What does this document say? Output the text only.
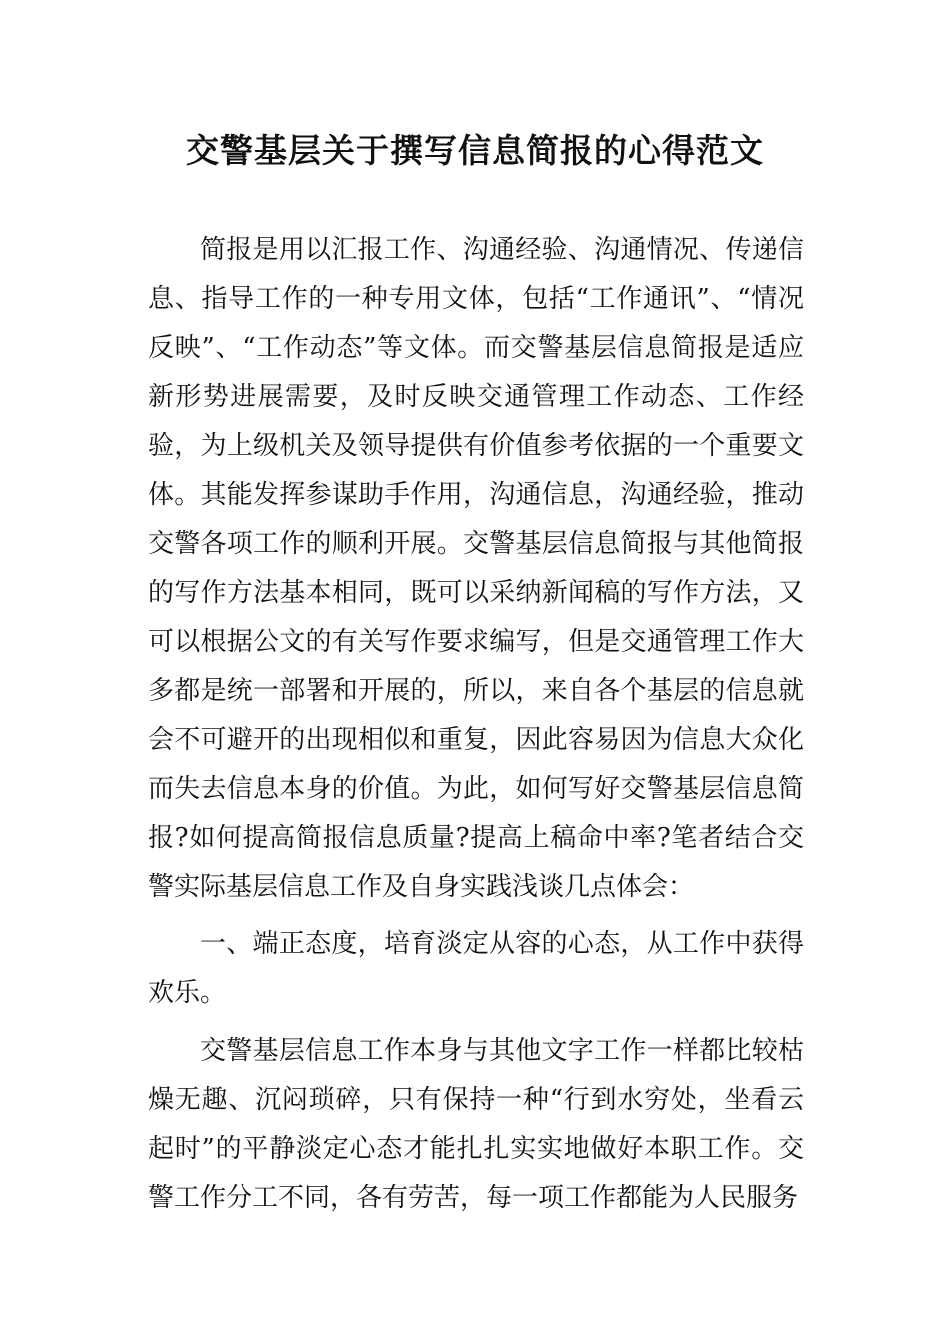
交警基层关于撰写信息简报的心得范文

简报是用以汇报工作、沟通经验、沟通情况、传递信息、指导工作的一种专用文体，包括“工作通讯”、“情况反映”、“工作动态”等文体。而交警基层信息简报是适应新形势进展需要，及时反映交通管理工作动态、工作经验，为上级机关及领导提供有价值参考依据的一个重要文体。其能发挥参谋助手作用，沟通信息，沟通经验，推动交警各项工作的顺利开展。交警基层信息简报与其他简报的写作方法基本相同，既可以采纳新闻稿的写作方法，又可以根据公文的有关写作要求编写，但是交通管理工作大多都是统一部署和开展的，所以，来自各个基层的信息就会不可避开的出现相似和重复，因此容易因为信息大众化而失去信息本身的价值。为此，如何写好交警基层信息简报?如何提高简报信息质量?提高上稿命中率?笔者结合交警实际基层信息工作及自身实践浅谈几点体会：

一、端正态度，培育淡定从容的心态，从工作中获得欢乐。

交警基层信息工作本身与其他文字工作一样都比较枯燥无趣、沉闷琐碎，只有保持一种“行到水穷处，坐看云起时”的平静淡定心态才能扎扎实实地做好本职工作。交警工作分工不同，各有劳苦，每一项工作都能为人民服务
